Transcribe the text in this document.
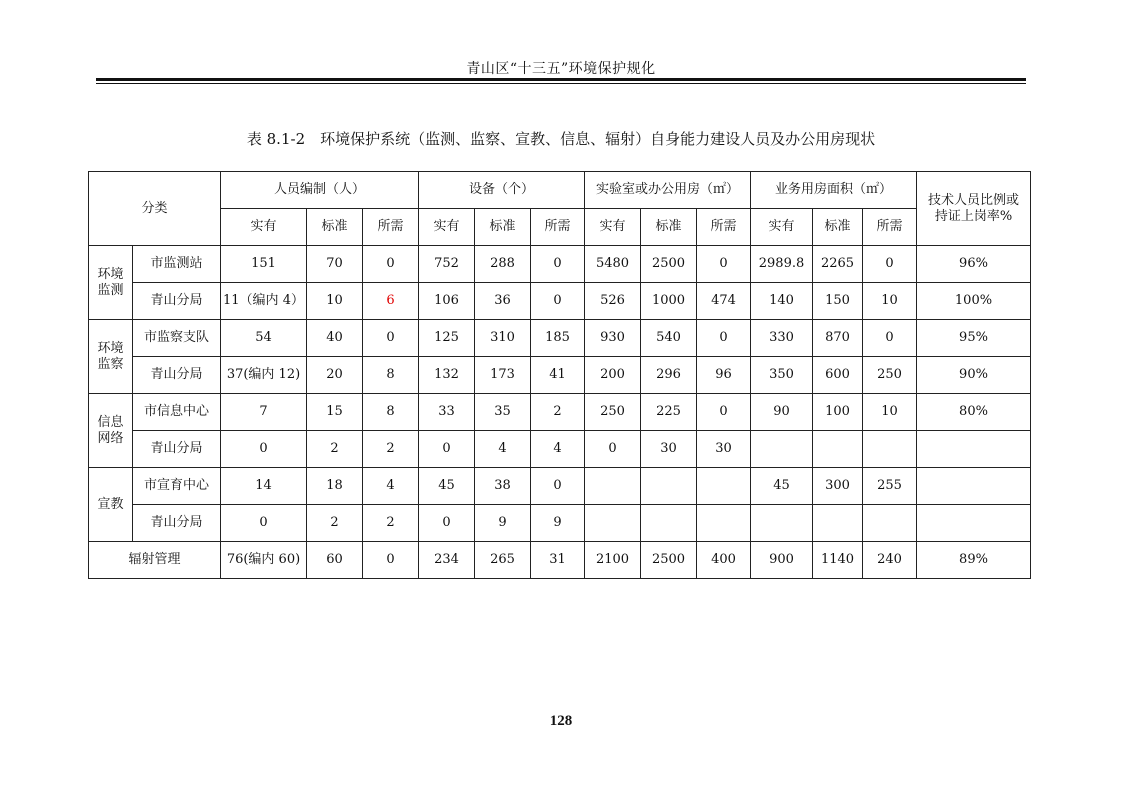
青山区“十三五”环境保护规化
表 8.1-2　环境保护系统（监测、监察、宣教、信息、辐射）自身能力建设人员及办公用房现状
分类		人员编制（人）			设备（个）			实验室或办公用房（㎡）			业务用房面积（㎡）			技术人员比例或持证上岗率%
		实有	标准	所需	实有	标准	所需	实有	标准	所需	实有	标准	所需	
环境监测	市监测站	151	70	0	752	288	0	5480	2500	0	2989.8	2265	0	96%
	青山分局	11（编内 4）	10	6	106	36	0	526	1000	474	140	150	10	100%
环境监察	市监察支队	54	40	0	125	310	185	930	540	0	330	870	0	95%
	青山分局	37(编内 12)	20	8	132	173	41	200	296	96	350	600	250	90%
信息网络	市信息中心	7	15	8	33	35	2	250	225	0	90	100	10	80%
	青山分局	0	2	2	0	4	4	0	30	30				
宣教	市宣育中心	14	18	4	45	38	0				45	300	255	
	青山分局	0	2	2	0	9	9							
辐射管理		76(编内 60)	60	0	234	265	31	2100	2500	400	900	1140	240	89%
128
